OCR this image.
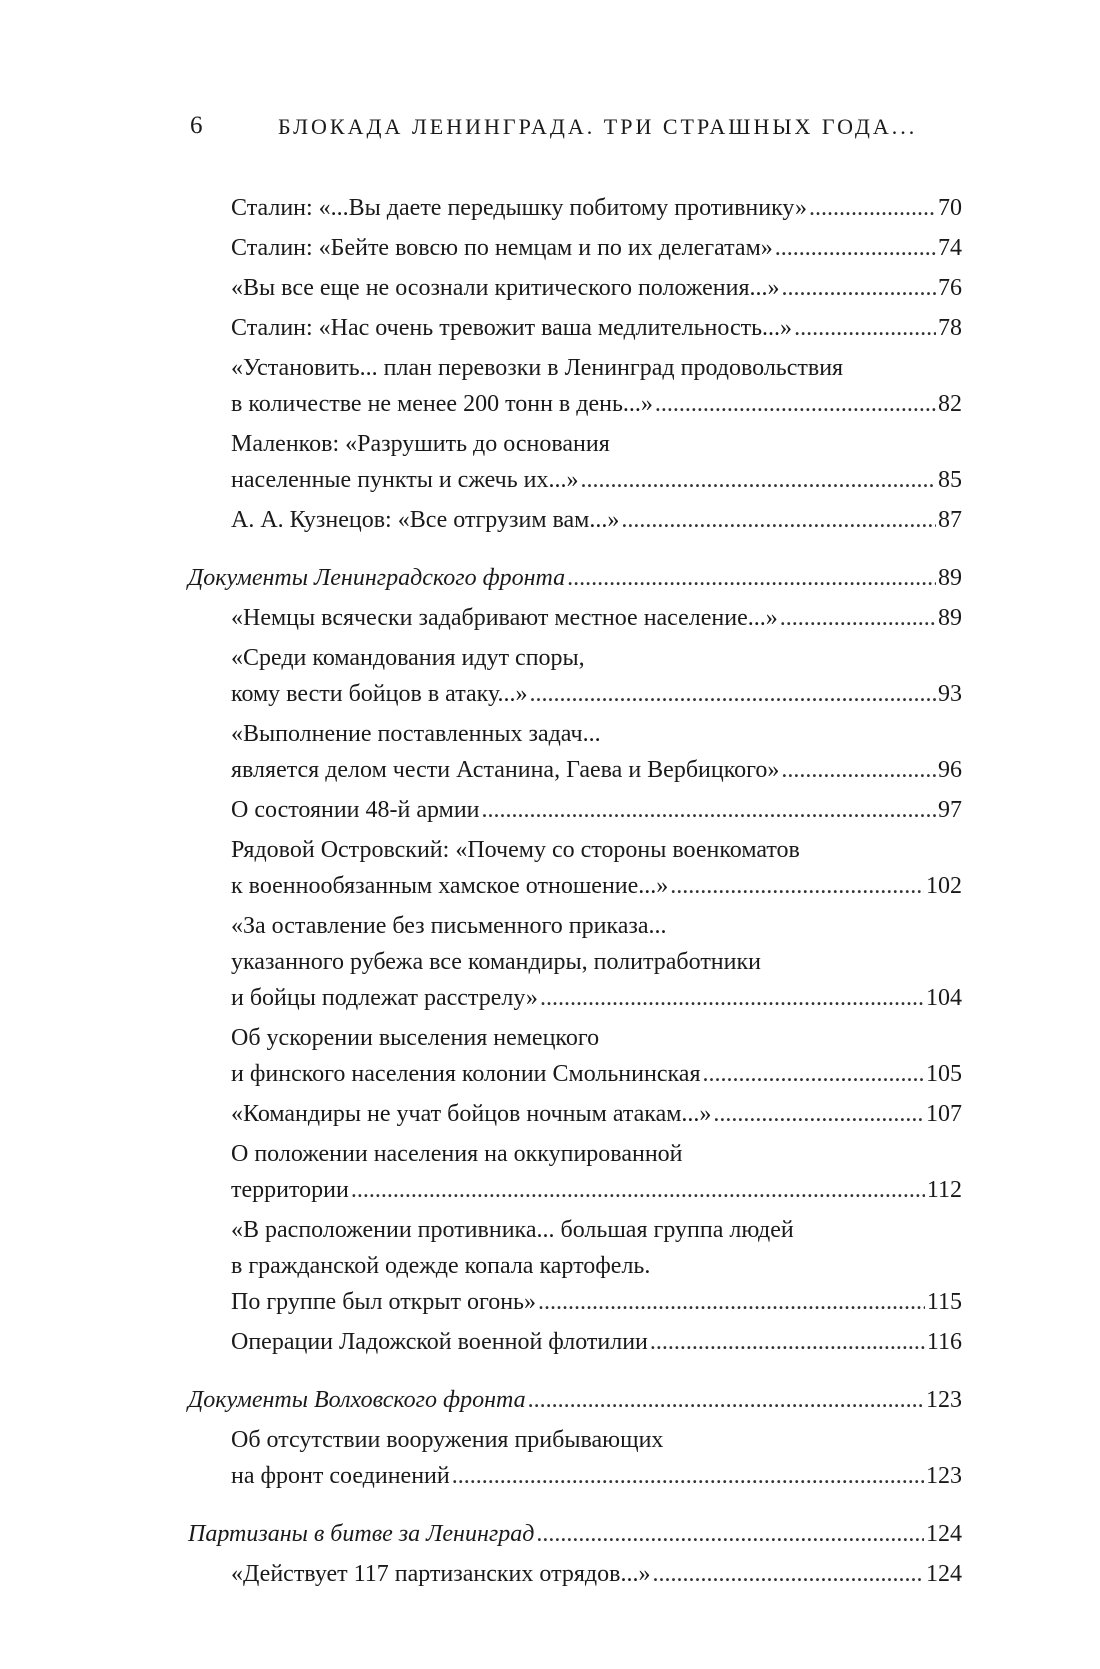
6	БЛОКАДА ЛЕНИНГРАДА. ТРИ СТРАШНЫХ ГОДА...
Сталин: «...Вы даете передышку побитому противнику» . . .	70
Сталин: «Бейте вовсю по немцам и по их делегатам» . . .	74
«Вы все еще не осознали критического положения...» . . .	76
Сталин: «Нас очень тревожит ваша медлительность...» . . .	78
«Установить... план перевозки в Ленинград продовольствия
в количестве не менее 200 тонн в день...» . . .	82
Маленков: «Разрушить до основания
населенные пункты и сжечь их...» . . .	85
А. А. Кузнецов: «Все отгрузим вам...» . . .	87
Документы Ленинградского фронта . . .	89
«Немцы всячески задабривают местное население...» . . .	89
«Среди командования идут споры,
кому вести бойцов в атаку...» . . .	93
«Выполнение поставленных задач...
является делом чести Астанина, Гаева и Вербицкого» . . .	96
О состоянии 48-й армии . . .	97
Рядовой Островский: «Почему со стороны военкоматов
к военнообязанным хамское отношение...» . . .	102
«За оставление без письменного приказа...
указанного рубежа все командиры, политработники
и бойцы подлежат расстрелу» . . .	104
Об ускорении выселения немецкого
и финского населения колонии Смольнинская . . .	105
«Командиры не учат бойцов ночным атакам...» . . .	107
О положении населения на оккупированной
территории . . .	112
«В расположении противника... большая группа людей
в гражданской одежде копала картофель.
По группе был открыт огонь» . . .	115
Операции Ладожской военной флотилии . . .	116
Документы Волховского фронта . . .	123
Об отсутствии вооружения прибывающих
на фронт соединений . . .	123
Партизаны в битве за Ленинград . . .	124
«Действует 117 партизанских отрядов...» . . .	124
